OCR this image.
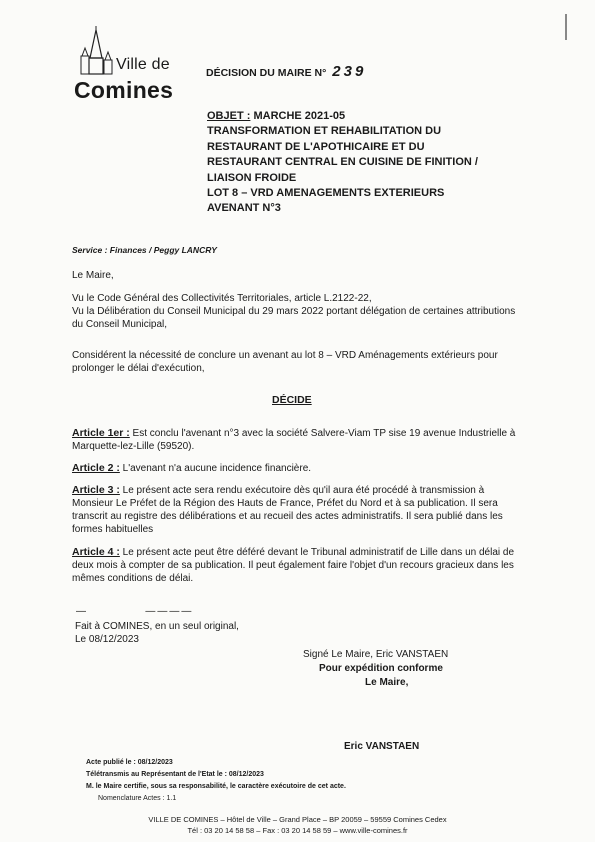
Ville de
Comines
DÉCISION DU MAIRE N° 239
OBJET : MARCHE 2021-05
TRANSFORMATION ET REHABILITATION DU
RESTAURANT DE L'APOTHICAIRE ET DU
RESTAURANT CENTRAL EN CUISINE DE FINITION /
LIAISON FROIDE
LOT 8 – VRD AMENAGEMENTS EXTERIEURS
AVENANT N°3
Service : Finances / Peggy LANCRY
Le Maire,
Vu le Code Général des Collectivités Territoriales, article L.2122-22,
Vu la Délibération du Conseil Municipal du 29 mars 2022 portant délégation de certaines attributions du Conseil Municipal,
Considérent la nécessité de conclure un avenant au lot 8 – VRD Aménagements extérieurs pour prolonger le délai d'exécution,
DÉCIDE
Article 1er : Est conclu l'avenant n°3 avec la société Salvere-Viam TP sise 19 avenue Industrielle à Marquette-lez-Lille (59520).
Article 2 : L'avenant n'a aucune incidence financière.
Article 3 : Le présent acte sera rendu exécutoire dès qu'il aura été procédé à transmission à Monsieur Le Préfet de la Région des Hauts de France, Préfet du Nord et à sa publication. Il sera transcrit au registre des délibérations et au recueil des actes administratifs. Il sera publié dans les formes habituelles
Article 4 : Le présent acte peut être déféré devant le Tribunal administratif de Lille dans un délai de deux mois à compter de sa publication. Il peut également faire l'objet d'un recours gracieux dans les mêmes conditions de délai.
—            ————
Fait à COMINES, en un seul original,
Le 08/12/2023
Signé Le Maire, Eric VANSTAEN
Pour expédition conforme
Le Maire,
Eric VANSTAEN
Acte publié le : 08/12/2023
Télétransmis au Représentant de l'Etat le : 08/12/2023
M. le Maire certifie, sous sa responsabilité, le caractère exécutoire de cet acte.
Nomenclature Actes : 1.1
VILLE DE COMINES – Hôtel de Ville – Grand Place – BP 20059 – 59559 Comines Cedex
Tél : 03 20 14 58 58 – Fax : 03 20 14 58 59 – www.ville-comines.fr
